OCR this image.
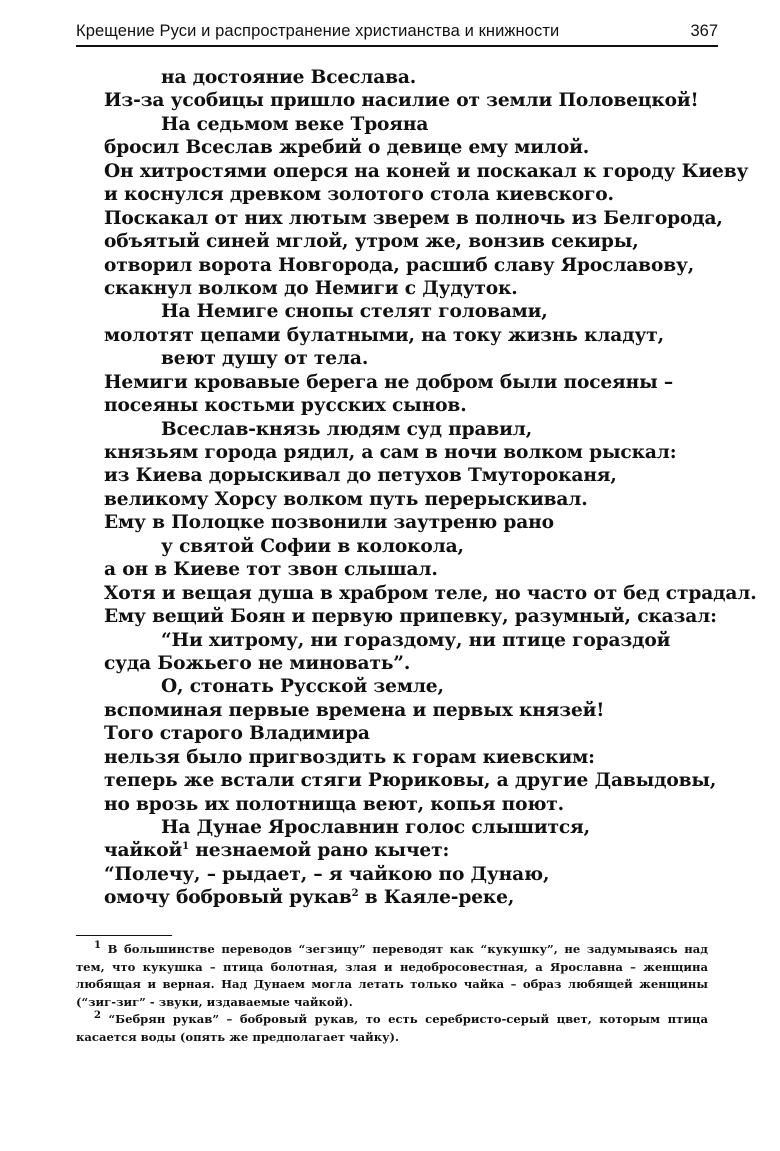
Крещение Руси и распространение христианства и книжности	367
на достояние Всеслава.
Из-за усобицы пришло насилие от земли Половецкой!
На седьмом веке Трояна
бросил Всеслав жребий о девице ему милой.
Он хитростями оперся на коней и поскакал к городу Киеву
и коснулся древком золотого стола киевского.
Поскакал от них лютым зверем в полночь из Белгорода,
объятый синей мглой, утром же, вонзив секиры,
отворил ворота Новгорода, расшиб славу Ярославову,
скакнул волком до Немиги с Дудуток.
На Немиге снопы стелят головами,
молотят цепами булатными, на току жизнь кладут,
веют душу от тела.
Немиги кровавые берега не добром были посеяны –
посеяны костьми русских сынов.
Всеслав-князь людям суд правил,
князьям города рядил, а сам в ночи волком рыскал:
из Киева дорыскивал до петухов Тмутороканя,
великому Хорсу волком путь перерыскивал.
Ему в Полоцке позвонили заутреню рано
у святой Софии в колокола,
а он в Киеве тот звон слышал.
Хотя и вещая душа в храбром теле, но часто от бед страдал.
Ему вещий Боян и первую припевку, разумный, сказал:
“Ни хитрому, ни гораздому, ни птице гораздой
суда Божьего не миновать”.
О, стонать Русской земле,
вспоминая первые времена и первых князей!
Того старого Владимира
нельзя было пригвоздить к горам киевским:
теперь же встали стяги Рюриковы, а другие Давыдовы,
но врозь их полотнища веют, копья поют.
На Дунае Ярославнин голос слышится,
чайкой$^1$ незнаемой рано кычет:
“Полечу, – рыдает, – я чайкою по Дунаю,
омочу бобровый рукав$^2$ в Каяле-реке,

1 В большинстве переводов “зегзицу” переводят как “кукушку”, не задумываясь над тем, что кукушка – птица болотная, злая и недобросовестная, а Ярославна – женщина любящая и верная. Над Дунаем могла летать только чайка – образ любящей женщины (“зиг-зиг” - звуки, издаваемые чайкой).

2 “Бебрян рукав” – бобровый рукав, то есть серебристо-серый цвет, которым птица касается воды (опять же предполагает чайку).
